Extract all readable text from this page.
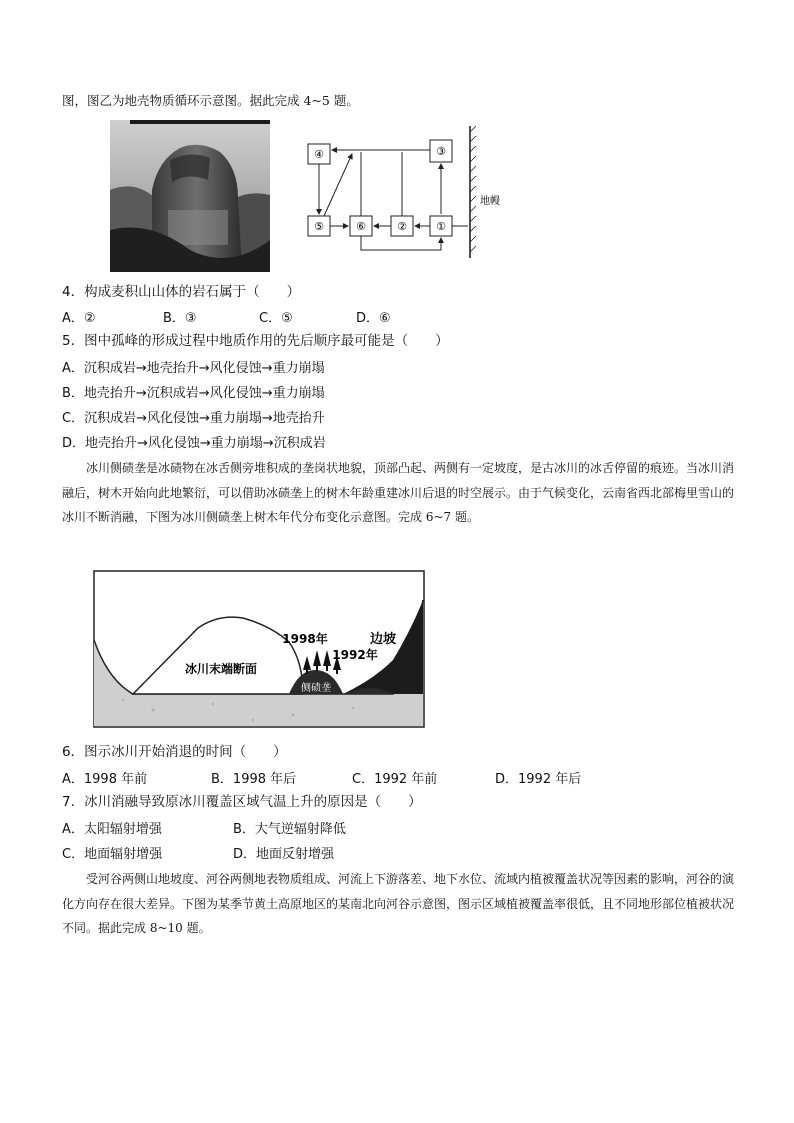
图，图乙为地壳物质循环示意图。据此完成 4~5 题。
④	③
⑤	⑥	②	①
地幔
4．构成麦积山山体的岩石属于（　　）
A．②	B．③	C．⑤	D．⑥
5．图中孤峰的形成过程中地质作用的先后顺序最可能是（　　）
A．沉积成岩→地壳抬升→风化侵蚀→重力崩塌
B．地壳抬升→沉积成岩→风化侵蚀→重力崩塌
C．沉积成岩→风化侵蚀→重力崩塌→地壳抬升
D．地壳抬升→风化侵蚀→重力崩塌→沉积成岩

冰川侧碛垄是冰碛物在冰舌侧旁堆积成的垄岗状地貌，顶部凸起、两侧有一定坡度，是古冰川的冰舌停留的痕迹。当冰川消融后，树木开始向此地繁衍，可以借助冰碛垄上的树木年龄重建冰川后退的时空展示。由于气候变化，云南省西北部梅里雪山的冰川不断消融，下图为冰川侧碛垄上树木年代分布变化示意图。完成 6~7 题。

冰川末端断面
侧碛垄
1998年
1992年
边坡
6．图示冰川开始消退的时间（　　）
A．1998 年前	B．1998 年后	C．1992 年前	D．1992 年后
7．冰川消融导致原冰川覆盖区域气温上升的原因是（　　）
A．太阳辐射增强	B．大气逆辐射降低
C．地面辐射增强	D．地面反射增强

受河谷两侧山地坡度、河谷两侧地表物质组成、河流上下游落差、地下水位、流域内植被覆盖状况等因素的影响，河谷的演化方向存在很大差异。下图为某季节黄土高原地区的某南北向河谷示意图，图示区域植被覆盖率很低，且不同地形部位植被状况不同。据此完成 8~10 题。
